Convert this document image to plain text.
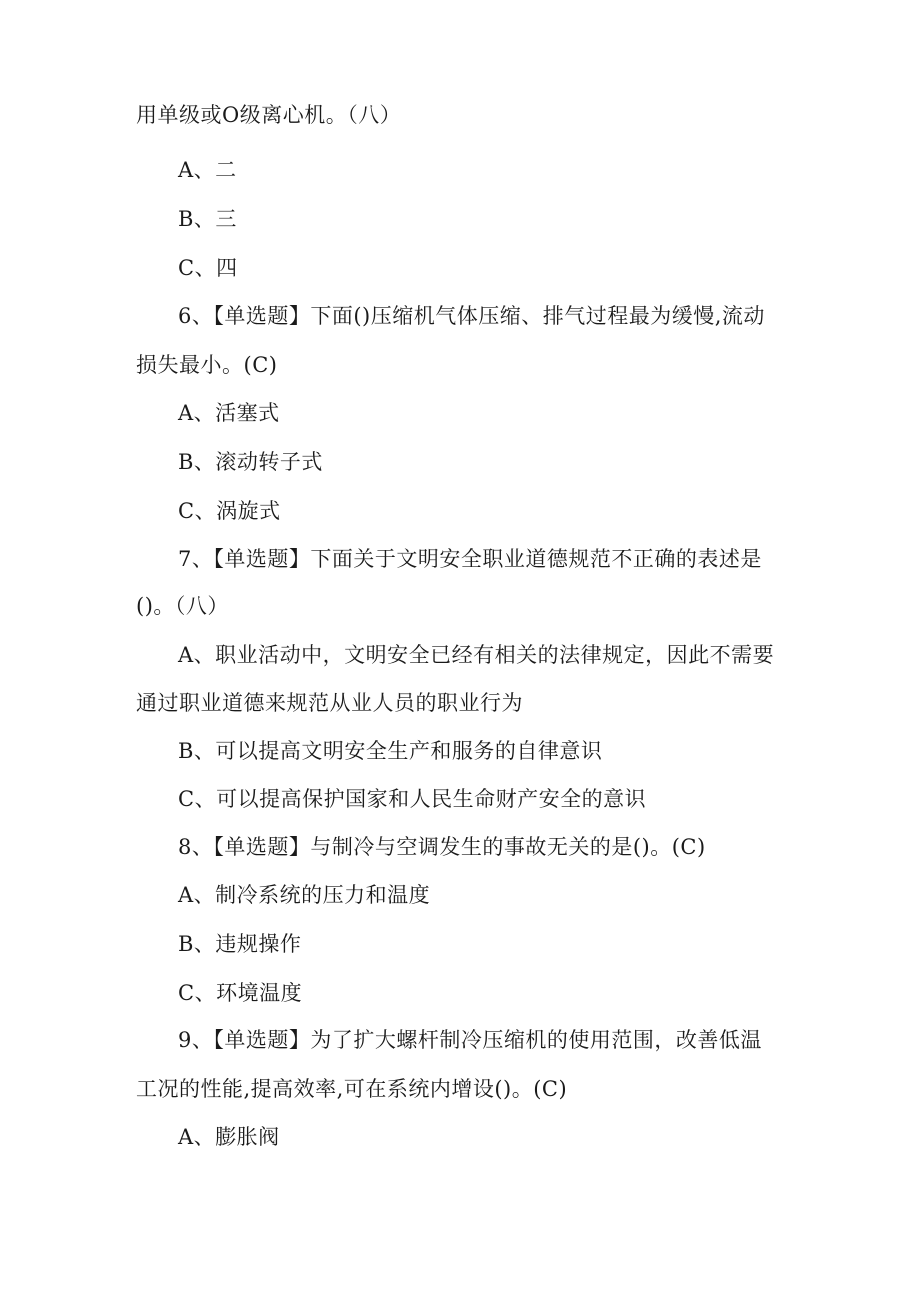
用单级或O级离心机。（八）
A、二
B、三
C、四
6、【单选题】下面()压缩机气体压缩、排气过程最为缓慢,流动
损失最小。(C)
A、活塞式
B、滚动转子式
C、涡旋式
7、【单选题】下面关于文明安全职业道德规范不正确的表述是
()。（八）
A、职业活动中，文明安全已经有相关的法律规定，因此不需要
通过职业道德来规范从业人员的职业行为
B、可以提高文明安全生产和服务的自律意识
C、可以提高保护国家和人民生命财产安全的意识
8、【单选题】与制冷与空调发生的事故无关的是()。(C)
A、制冷系统的压力和温度
B、违规操作
C、环境温度
9、【单选题】为了扩大螺杆制冷压缩机的使用范围，改善低温
工况的性能,提高效率,可在系统内增设()。(C)
A、膨胀阀
